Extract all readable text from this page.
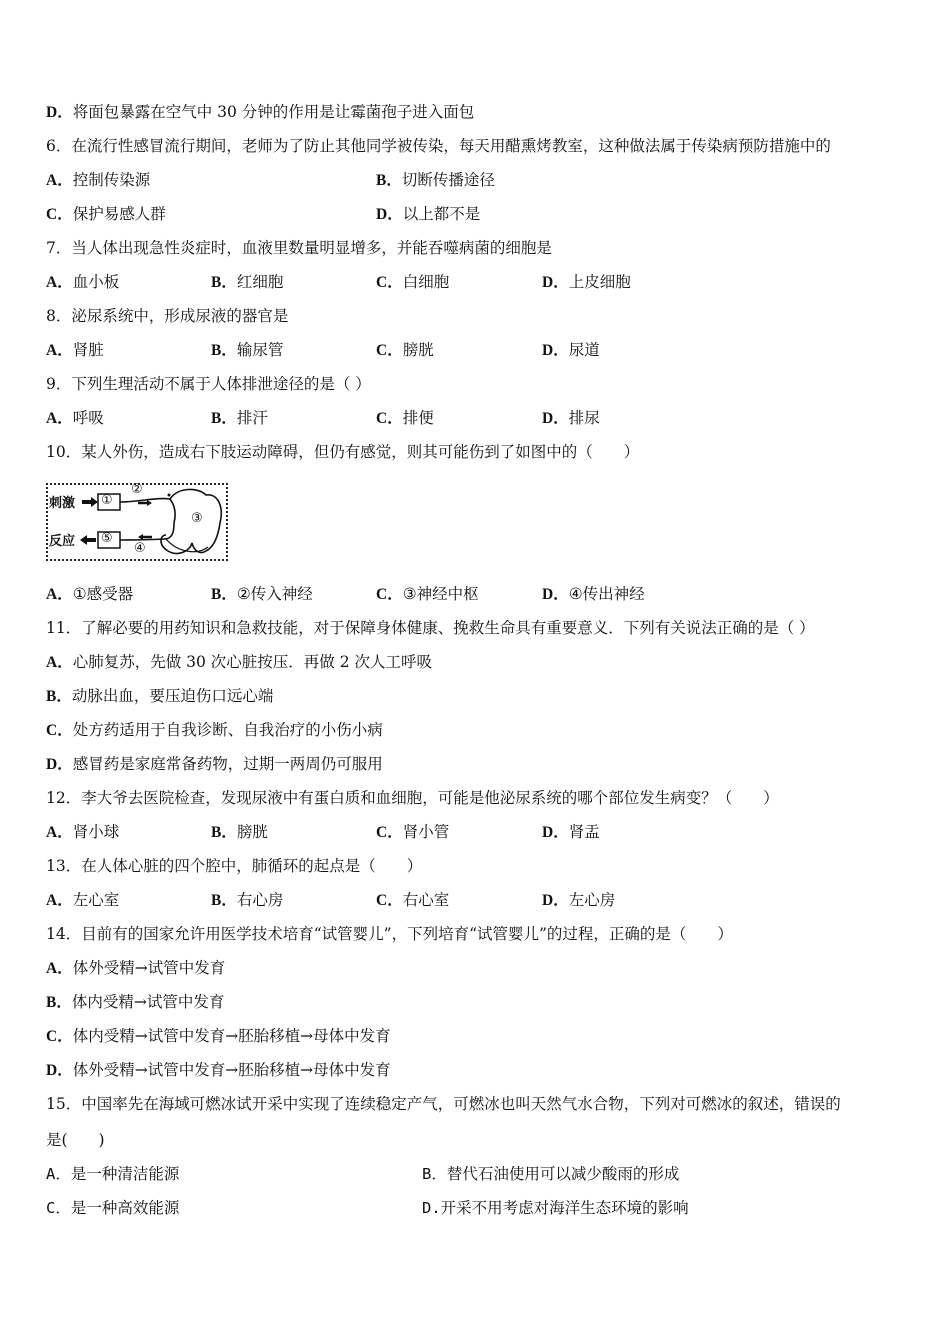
D．将面包暴露在空气中 30 分钟的作用是让霉菌孢子进入面包
6．在流行性感冒流行期间，老师为了防止其他同学被传染，每天用醋熏烤教室，这种做法属于传染病预防措施中的
A．控制传染源	B．切断传播途径
C．保护易感人群	D．以上都不是
7．当人体出现急性炎症时，血液里数量明显增多，并能吞噬病菌的细胞是
A．血小板	B．红细胞	C．白细胞	D．上皮细胞
8．泌尿系统中，形成尿液的器官是
A．肾脏	B．输尿管	C．膀胱	D．尿道
9．下列生理活动不属于人体排泄途径的是（ ）
A．呼吸	B．排汗	C．排便	D．排尿
10．某人外伤，造成右下肢运动障碍，但仍有感觉，则其可能伤到了如图中的（　　）
刺激
反应
①
②
③
④
⑤
A．①感受器	B．②传入神经	C．③神经中枢	D．④传出神经
11．了解必要的用药知识和急救技能，对于保障身体健康、挽救生命具有重要意义．下列有关说法正确的是（ ）
A．心肺复苏，先做 30 次心脏按压．再做 2 次人工呼吸
B．动脉出血，要压迫伤口远心端
C．处方药适用于自我诊断、自我治疗的小伤小病
D．感冒药是家庭常备药物，过期一两周仍可服用
12．李大爷去医院检查，发现尿液中有蛋白质和血细胞，可能是他泌尿系统的哪个部位发生病变？（　　）
A．肾小球	B．膀胱	C．肾小管	D．肾盂
13．在人体心脏的四个腔中，肺循环的起点是（　　）
A．左心室	B．右心房	C．右心室	D．左心房
14．目前有的国家允许用医学技术培育“试管婴儿”，下列培育“试管婴儿”的过程，正确的是（　　）
A．体外受精→试管中发育
B．体内受精→试管中发育
C．体内受精→试管中发育→胚胎移植→母体中发育
D．体外受精→试管中发育→胚胎移植→母体中发育
15．中国率先在海域可燃冰试开采中实现了连续稳定产气，可燃冰也叫天然气水合物，下列对可燃冰的叙述，错误的
是(　　)
A．是一种清洁能源	B．替代石油使用可以减少酸雨的形成
C．是一种高效能源	D.开采不用考虑对海洋生态环境的影响
